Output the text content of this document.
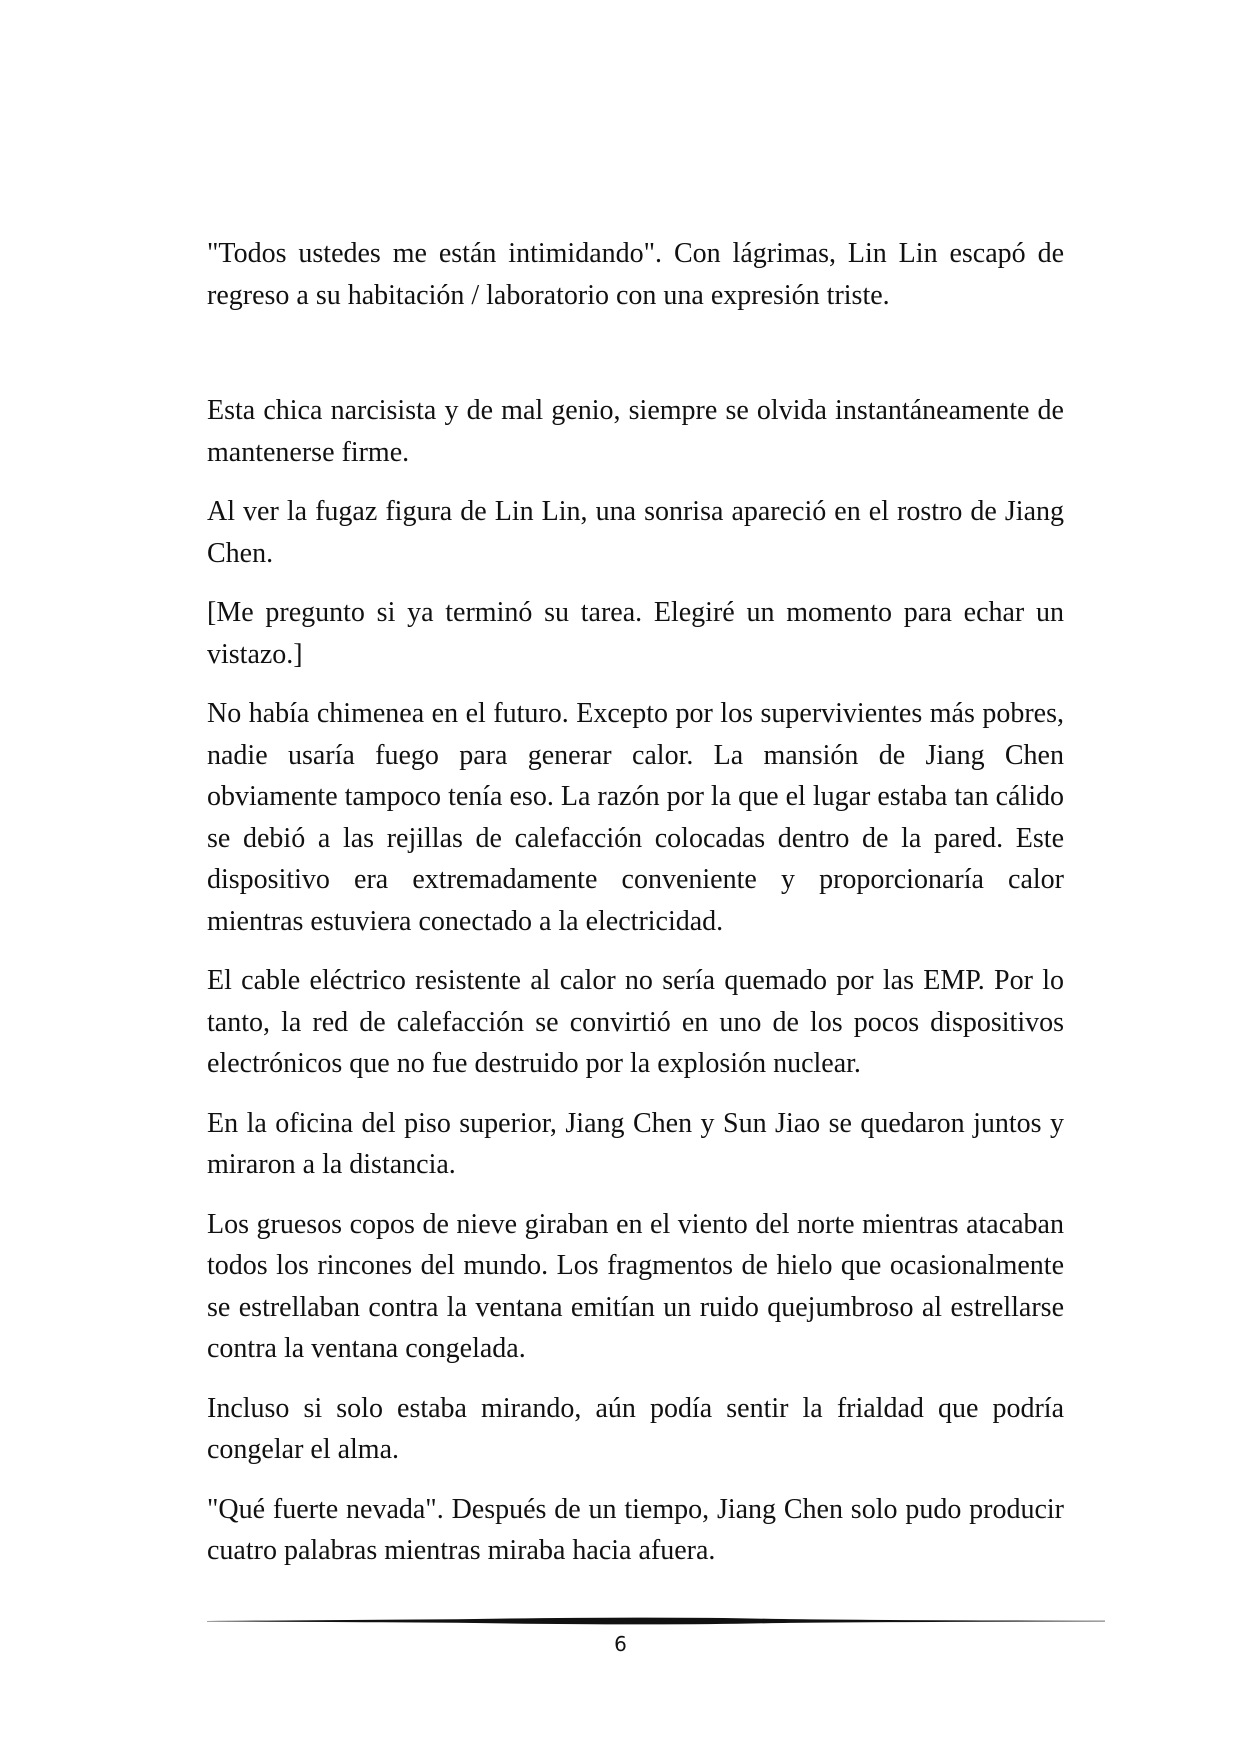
"Todos ustedes me están intimidando". Con lágrimas, Lin Lin escapó de regreso a su habitación / laboratorio con una expresión triste.

Esta chica narcisista y de mal genio, siempre se olvida instantáneamente de mantenerse firme.

Al ver la fugaz figura de Lin Lin, una sonrisa apareció en el rostro de Jiang Chen.

[Me pregunto si ya terminó su tarea. Elegiré un momento para echar un vistazo.]

No había chimenea en el futuro. Excepto por los supervivientes más pobres, nadie usaría fuego para generar calor. La mansión de Jiang Chen obviamente tampoco tenía eso. La razón por la que el lugar estaba tan cálido se debió a las rejillas de calefacción colocadas dentro de la pared. Este dispositivo era extremadamente conveniente y proporcionaría calor mientras estuviera conectado a la electricidad.

El cable eléctrico resistente al calor no sería quemado por las EMP. Por lo tanto, la red de calefacción se convirtió en uno de los pocos dispositivos electrónicos que no fue destruido por la explosión nuclear.

En la oficina del piso superior, Jiang Chen y Sun Jiao se quedaron juntos y miraron a la distancia.

Los gruesos copos de nieve giraban en el viento del norte mientras atacaban todos los rincones del mundo. Los fragmentos de hielo que ocasionalmente se estrellaban contra la ventana emitían un ruido quejumbroso al estrellarse contra la ventana congelada.

Incluso si solo estaba mirando, aún podía sentir la frialdad que podría congelar el alma.

"Qué fuerte nevada". Después de un tiempo, Jiang Chen solo pudo producir cuatro palabras mientras miraba hacia afuera.

6
